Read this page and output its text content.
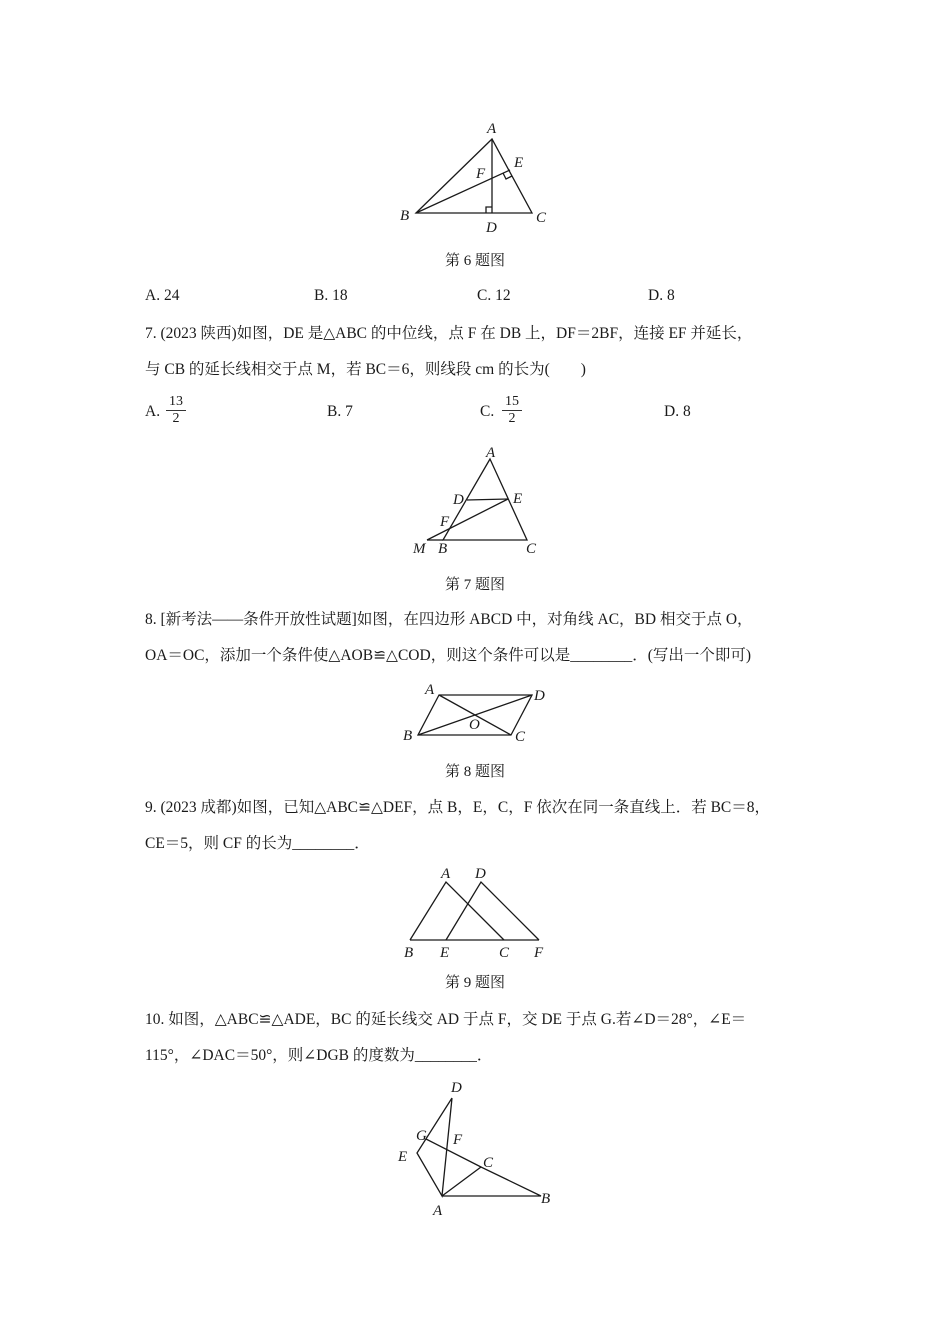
A
B	C
D
E
F
第 6 题图
A. 24	B. 18	C. 12	D. 8
7. (2023 陕西)如图，DE 是△ABC 的中位线，点 F 在 DB 上，DF＝2BF，连接 EF 并延长，
与 CB 的延长线相交于点 M，若 BC＝6，则线段 cm 的长为(　　)
A. $\frac{13}{2}$	B. 7	C. $\frac{15}{2}$	D. 8
A
D	E
F
M B	C
第 7 题图
8. [新考法——条件开放性试题]如图，在四边形 ABCD 中，对角线 AC，BD 相交于点 O，
OA＝OC，添加一个条件使△AOB≌△COD，则这个条件可以是________．(写出一个即可)
A
B	C
D
O
第 8 题图
9. (2023 成都)如图，已知△ABC≌△DEF，点 B，E，C，F 依次在同一条直线上．若 BC＝8，
CE＝5，则 CF 的长为________．
A D
B E	C F
第 9 题图
10. 如图，△ABC≌△ADE，BC 的延长线交 AD 于点 F，交 DE 于点 G.若∠D＝28°，∠E＝
115°，∠DAC＝50°，则∠DGB 的度数为________．
D
G F
E	C
B
A
